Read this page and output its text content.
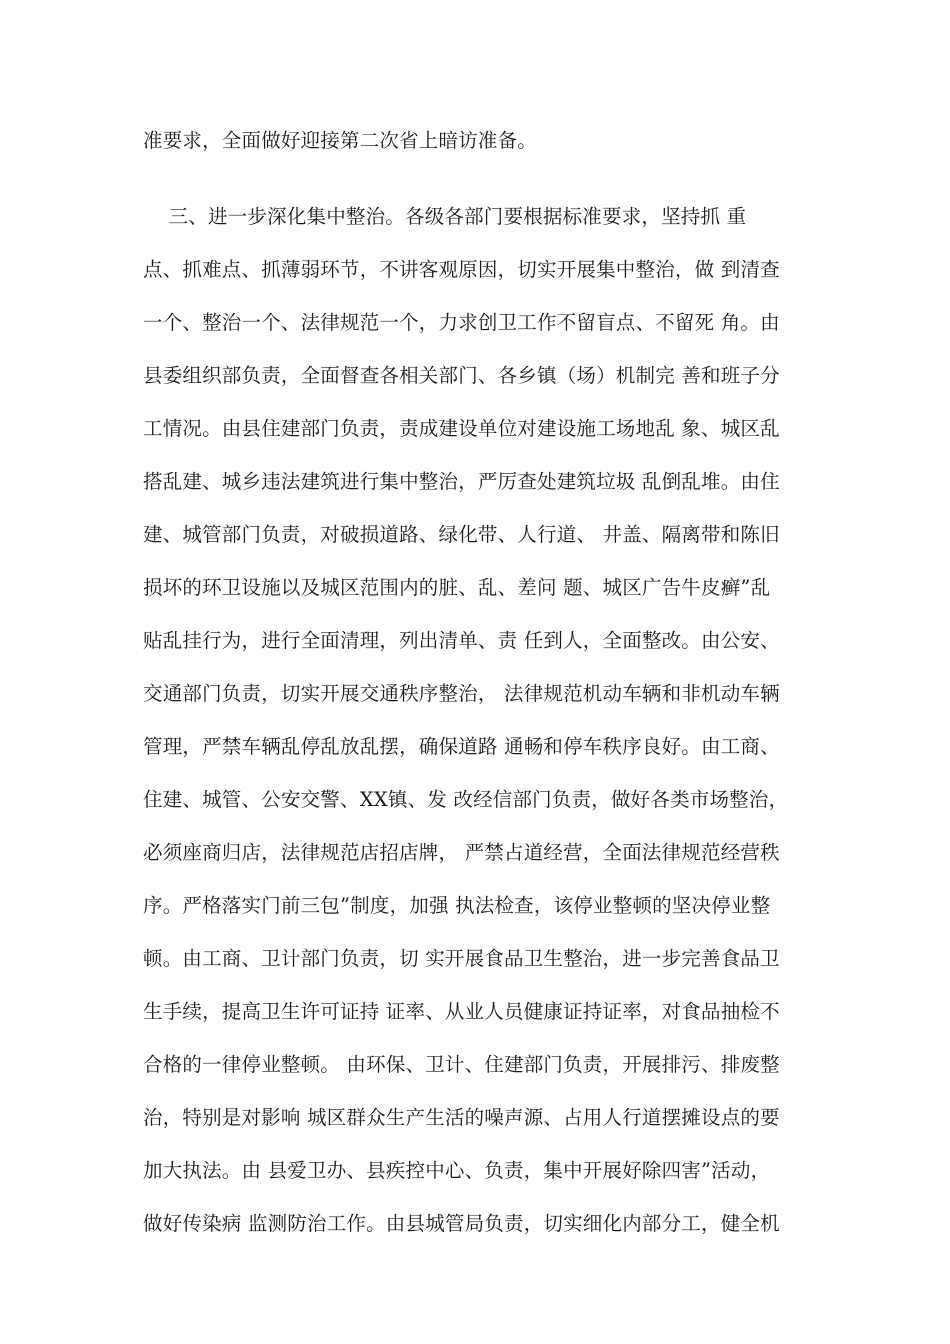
准要求，全面做好迎接第二次省上暗访准备。
三、进一步深化集中整治。各级各部门要根据标准要求，坚持抓 重
点、抓难点、抓薄弱环节，不讲客观原因，切实开展集中整治，做 到清查
一个、整治一个、法律规范一个，力求创卫工作不留盲点、不留死 角。由
县委组织部负责，全面督查各相关部门、各乡镇（场）机制完 善和班子分
工情况。由县住建部门负责，责成建设单位对建设施工场地乱 象、城区乱
搭乱建、城乡违法建筑进行集中整治，严厉查处建筑垃圾 乱倒乱堆。由住
建、城管部门负责，对破损道路、绿化带、人行道、 井盖、隔离带和陈旧
损坏的环卫设施以及城区范围内的脏、乱、差问 题、城区广告牛皮癣”乱
贴乱挂行为，进行全面清理，列出清单、责 任到人，全面整改。由公安、
交通部门负责，切实开展交通秩序整治， 法律规范机动车辆和非机动车辆
管理，严禁车辆乱停乱放乱摆，确保道路 通畅和停车秩序良好。由工商、
住建、城管、公安交警、XX镇、发 改经信部门负责，做好各类市场整治，
必须座商归店，法律规范店招店牌， 严禁占道经营，全面法律规范经营秩
序。严格落实门前三包”制度，加强 执法检查，该停业整顿的坚决停业整
顿。由工商、卫计部门负责，切 实开展食品卫生整治，进一步完善食品卫
生手续，提高卫生许可证持 证率、从业人员健康证持证率，对食品抽检不
合格的一律停业整顿。 由环保、卫计、住建部门负责，开展排污、排废整
治，特别是对影响 城区群众生产生活的噪声源、占用人行道摆摊设点的要
加大执法。由 县爱卫办、县疾控中心、负责，集中开展好除四害”活动，
做好传染病 监测防治工作。由县城管局负责，切实细化内部分工，健全机
